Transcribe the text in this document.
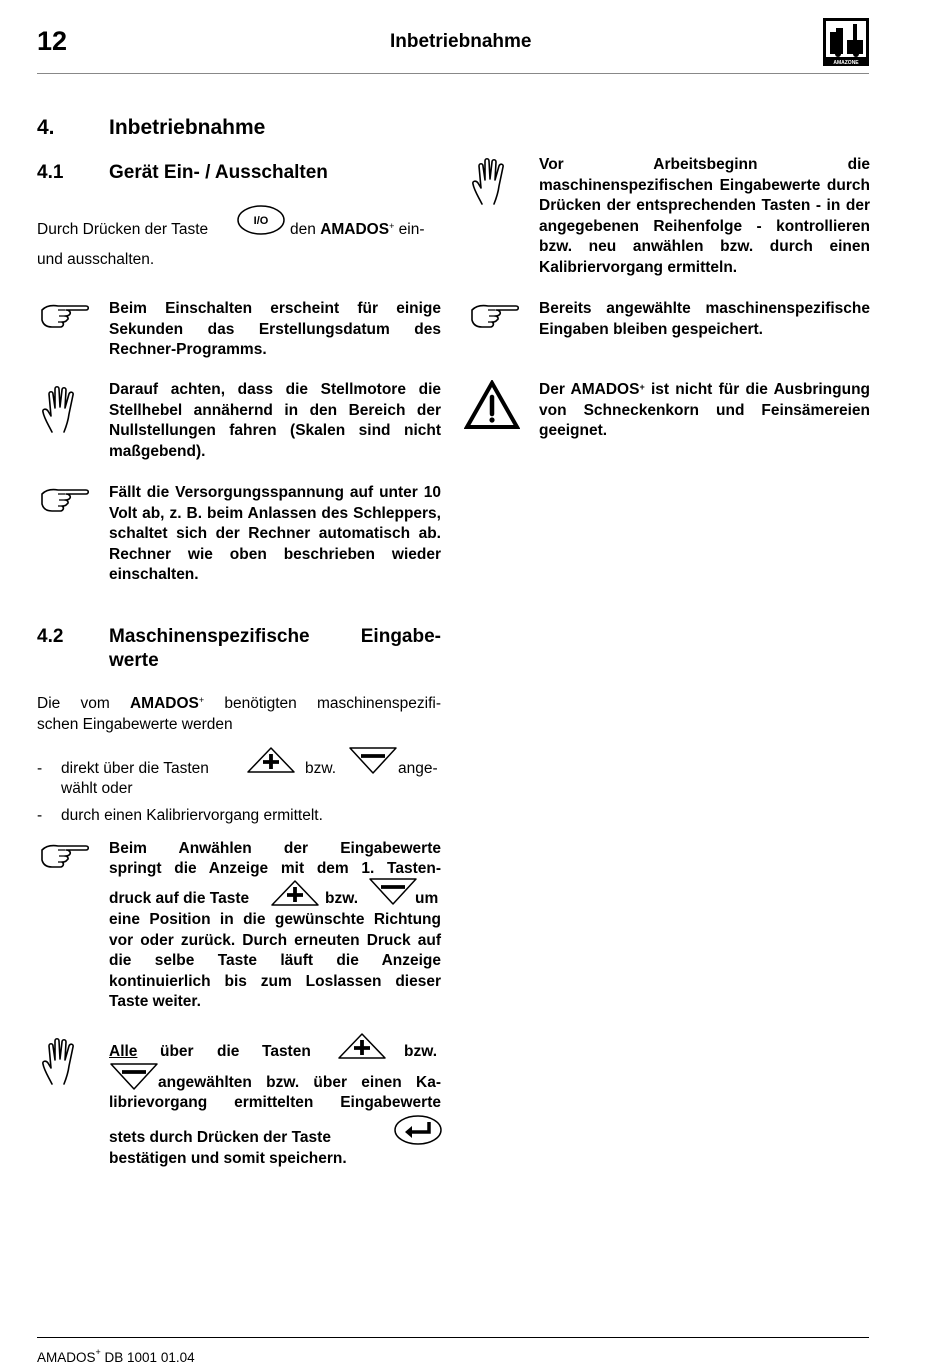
12	Inbetriebnahme
AMAZONE
4.	Inbetriebnahme
4.1 Gerät Ein- / Ausschalten
Durch Drücken der Taste	I/O den AMADOS+ ein-
und ausschalten.
Beim Einschalten erscheint für einige Sekunden das Erstellungsdatum des Rechner-Programms.
Darauf achten, dass die Stellmotore die Stellhebel annähernd in den Bereich der Nullstellungen fahren (Skalen sind nicht maßgebend).
Fällt die Versorgungsspannung auf unter 10 Volt ab, z. B. beim Anlassen des Schleppers, schaltet sich der Rechner automatisch ab. Rechner wie oben beschrieben wieder einschalten.
4.2 Maschinenspezifische Eingabe-
werte
Die vom AMADOS+ benötigten maschinenspezifi-
schen Eingabewerte werden
- direkt über die Tasten	bzw.	ange-
wählt oder
- durch einen Kalibriervorgang ermittelt.
Beim Anwählen der Eingabewerte
springt die Anzeige mit dem 1. Tasten-
druck auf die Taste	bzw.	um
eine Position in die gewünschte Richtung vor oder zurück. Durch erneuten Druck auf die selbe Taste läuft die Anzeige kontinuierlich bis zum Loslassen dieser Taste weiter.
Alle über die Tasten	bzw.
angewählten bzw. über einen Ka-
librievorgang ermittelten Eingabewerte
stets durch Drücken der Taste
bestätigen und somit speichern.
Vor Arbeitsbeginn die maschinenspezifischen Eingabewerte durch Drücken der entsprechenden Tasten - in der angegebenen Reihenfolge - kontrollieren bzw. neu anwählen bzw. durch einen Kalibriervorgang ermitteln.
Bereits angewählte maschinenspezifische Eingaben bleiben gespeichert.
Der AMADOS+ ist nicht für die Ausbringung von Schneckenkorn und Feinsämereien geeignet.
AMADOS+ DB 1001 01.04
